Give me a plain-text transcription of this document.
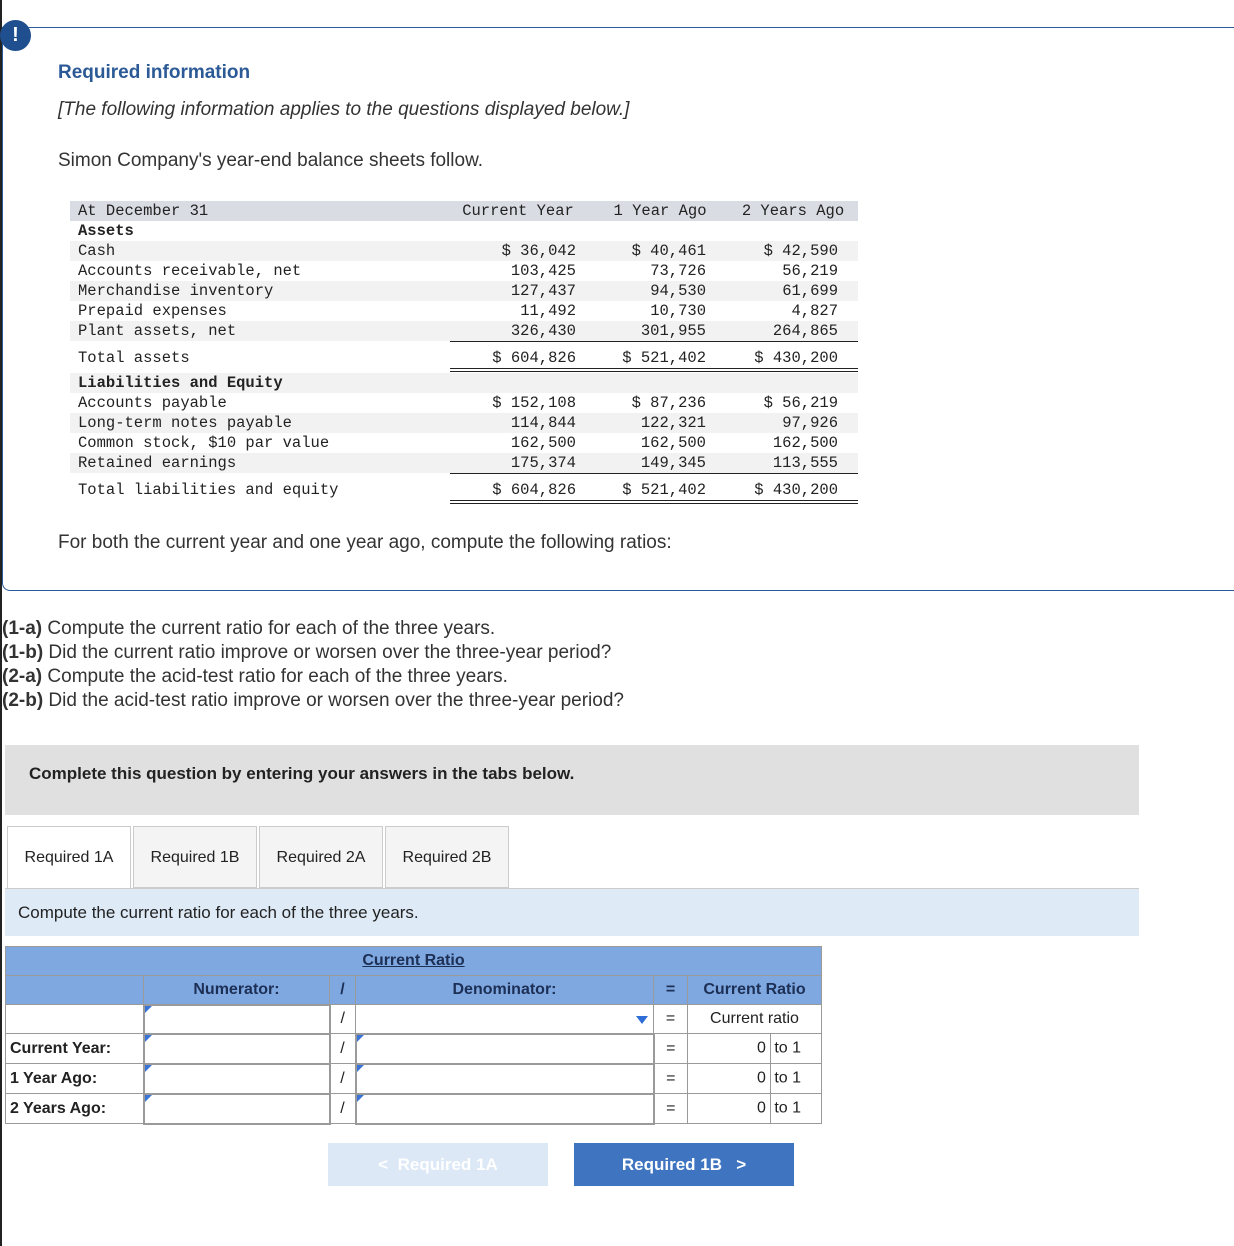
!
Required information
[The following information applies to the questions displayed below.]
Simon Company's year-end balance sheets follow.
At December 31	Current Year	1 Year Ago	2 Years Ago
Assets
Cash	$ 36,042	$ 40,461	$ 42,590
Accounts receivable, net	103,425	73,726	56,219
Merchandise inventory	127,437	94,530	61,699
Prepaid expenses	11,492	10,730	4,827
Plant assets, net	326,430	301,955	264,865
Total assets	$ 604,826	$ 521,402	$ 430,200
Liabilities and Equity
Accounts payable	$ 152,108	$ 87,236	$ 56,219
Long-term notes payable	114,844	122,321	97,926
Common stock, $10 par value	162,500	162,500	162,500
Retained earnings	175,374	149,345	113,555
Total liabilities and equity	$ 604,826	$ 521,402	$ 430,200
For both the current year and one year ago, compute the following ratios:
(1-a) Compute the current ratio for each of the three years.
(1-b) Did the current ratio improve or worsen over the three-year period?
(2-a) Compute the acid-test ratio for each of the three years.
(2-b) Did the acid-test ratio improve or worsen over the three-year period?
Complete this question by entering your answers in the tabs below.
Required 1A	Required 1B	Required 2A	Required 2B
Compute the current ratio for each of the three years.
Current Ratio					
	Numerator:	/	Denominator:	=	Current Ratio

	/		=	Current ratio
Current Year:		/		=	0 to 1
1 Year Ago:		/		=	0 to 1
2 Years Ago:		/		=	0 to 1
< Required 1A	Required 1B >
